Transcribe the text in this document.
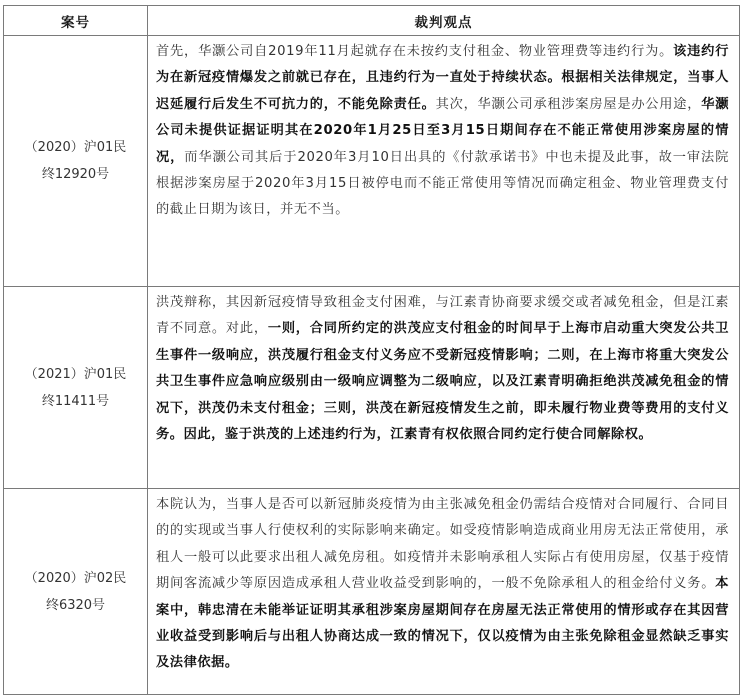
案号	裁判观点

（2020）沪01民
终12920号	首先，华灏公司自2019年11月起就存在未按约支付租金、物业管理费等违约行为。该违约行为在新冠疫情爆发之前就已存在，且违约行为一直处于持续状态。根据相关法律规定，当事人迟延履行后发生不可抗力的，不能免除责任。其次，华灏公司承租涉案房屋是办公用途，华灏公司未提供证据证明其在2020年1月25日至3月15日期间存在不能正常使用涉案房屋的情况，而华灏公司其后于2020年3月10日出具的《付款承诺书》中也未提及此事，故一审法院根据涉案房屋于2020年3月15日被停电而不能正常使用等情况而确定租金、物业管理费支付的截止日期为该日，并无不当。

（2021）沪01民
终11411号	洪茂辩称，其因新冠疫情导致租金支付困难，与江素青协商要求缓交或者减免租金，但是江素青不同意。对此，一则，合同所约定的洪茂应支付租金的时间早于上海市启动重大突发公共卫生事件一级响应，洪茂履行租金支付义务应不受新冠疫情影响；二则，在上海市将重大突发公共卫生事件应急响应级别由一级响应调整为二级响应，以及江素青明确拒绝洪茂减免租金的情况下，洪茂仍未支付租金；三则，洪茂在新冠疫情发生之前，即未履行物业费等费用的支付义务。因此，鉴于洪茂的上述违约行为，江素青有权依照合同约定行使合同解除权。

（2020）沪02民
终6320号	本院认为，当事人是否可以新冠肺炎疫情为由主张减免租金仍需结合疫情对合同履行、合同目的的实现或当事人行使权利的实际影响来确定。如受疫情影响造成商业用房无法正常使用，承租人一般可以此要求出租人减免房租。如疫情并未影响承租人实际占有使用房屋，仅基于疫情期间客流减少等原因造成承租人营业收益受到影响的，一般不免除承租人的租金给付义务。本案中，韩忠清在未能举证证明其承租涉案房屋期间存在房屋无法正常使用的情形或存在其因营业收益受到影响后与出租人协商达成一致的情况下，仅以疫情为由主张免除租金显然缺乏事实及法律依据。
